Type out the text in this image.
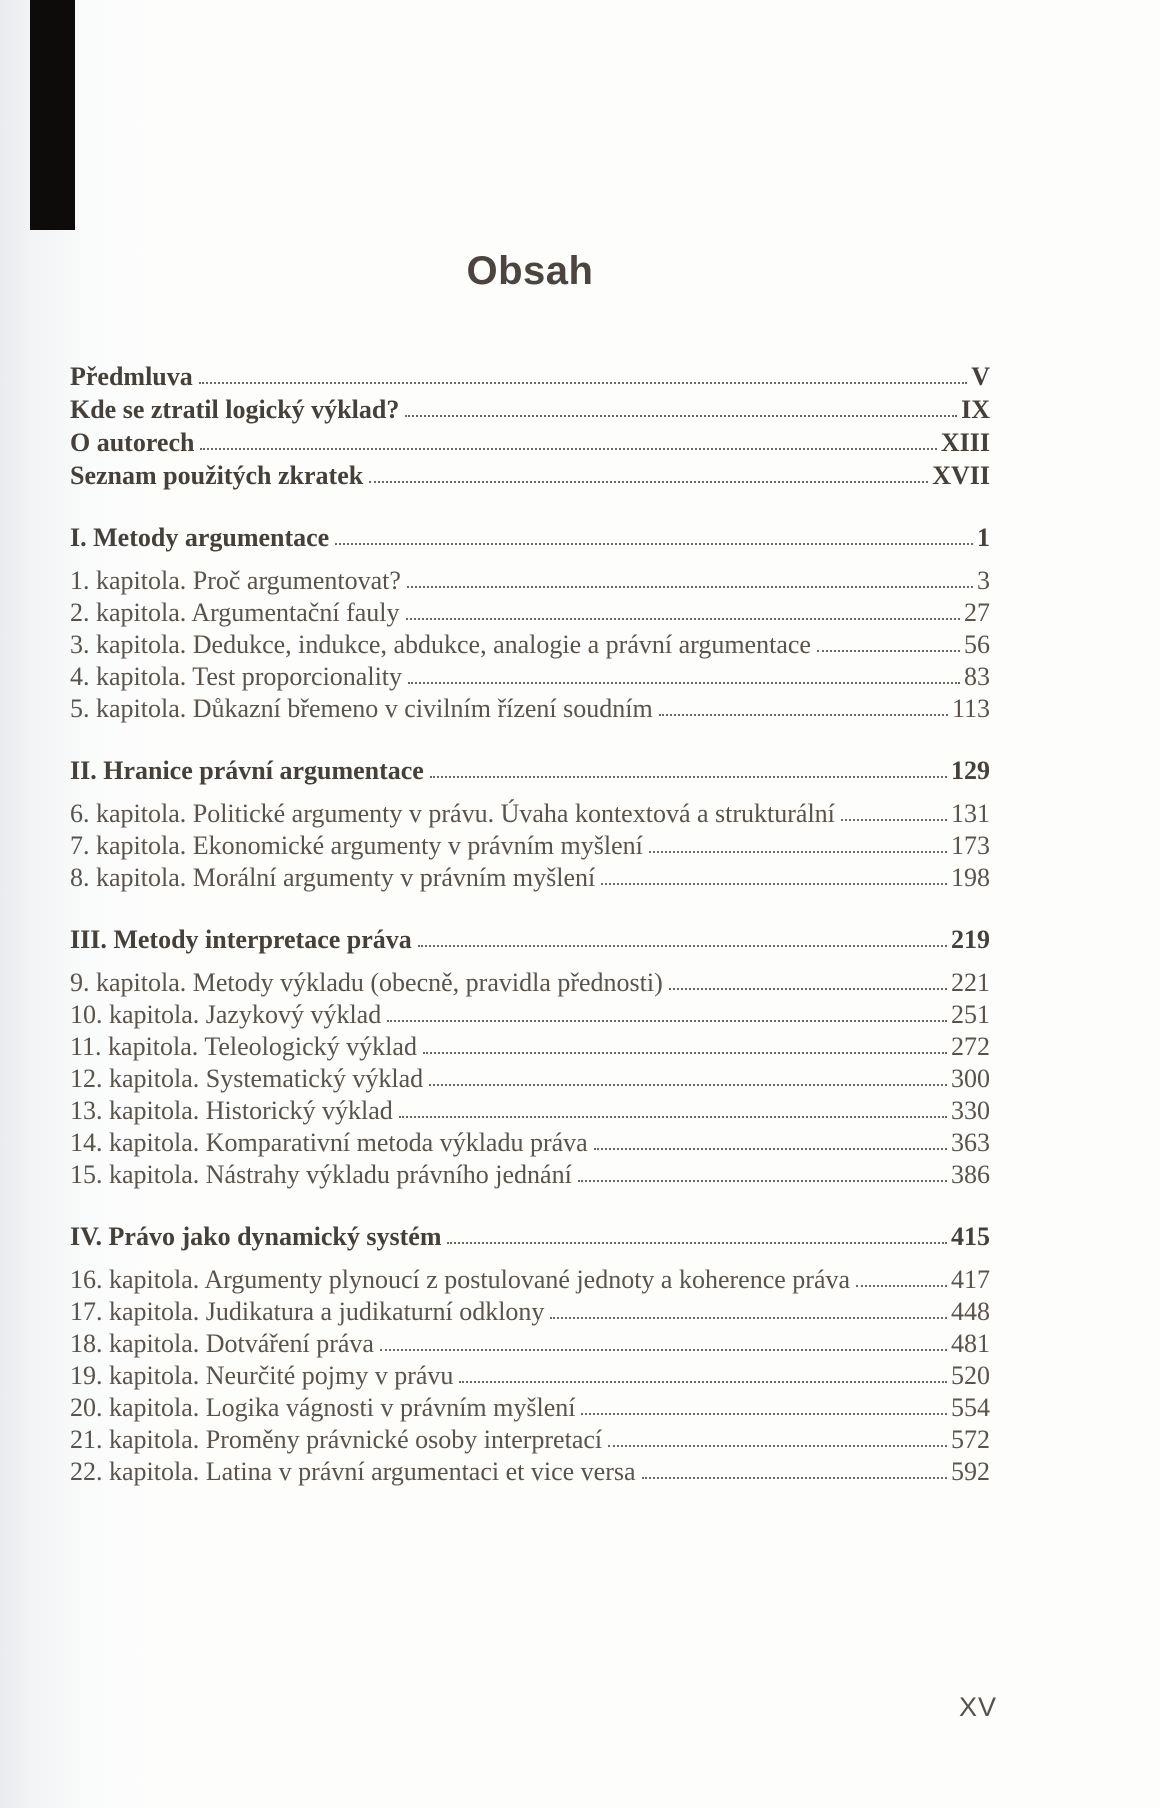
Obsah
Předmluva	V
Kde se ztratil logický výklad?	IX
O autorech	XIII
Seznam použitých zkratek	XVII
I. Metody argumentace	1
1. kapitola. Proč argumentovat?	3
2. kapitola. Argumentační fauly	27
3. kapitola. Dedukce, indukce, abdukce, analogie a právní argumentace	56
4. kapitola. Test proporcionality	83
5. kapitola. Důkazní břemeno v civilním řízení soudním	113
II. Hranice právní argumentace	129
6. kapitola. Politické argumenty v právu. Úvaha kontextová a strukturální	131
7. kapitola. Ekonomické argumenty v právním myšlení	173
8. kapitola. Morální argumenty v právním myšlení	198
III. Metody interpretace práva	219
9. kapitola. Metody výkladu (obecně, pravidla přednosti)	221
10. kapitola. Jazykový výklad	251
11. kapitola. Teleologický výklad	272
12. kapitola. Systematický výklad	300
13. kapitola. Historický výklad	330
14. kapitola. Komparativní metoda výkladu práva	363
15. kapitola. Nástrahy výkladu právního jednání	386
IV. Právo jako dynamický systém	415
16. kapitola. Argumenty plynoucí z postulované jednoty a koherence práva	417
17. kapitola. Judikatura a judikaturní odklony	448
18. kapitola. Dotváření práva	481
19. kapitola. Neurčité pojmy v právu	520
20. kapitola. Logika vágnosti v právním myšlení	554
21. kapitola. Proměny právnické osoby interpretací	572
22. kapitola. Latina v právní argumentaci et vice versa	592
XV
